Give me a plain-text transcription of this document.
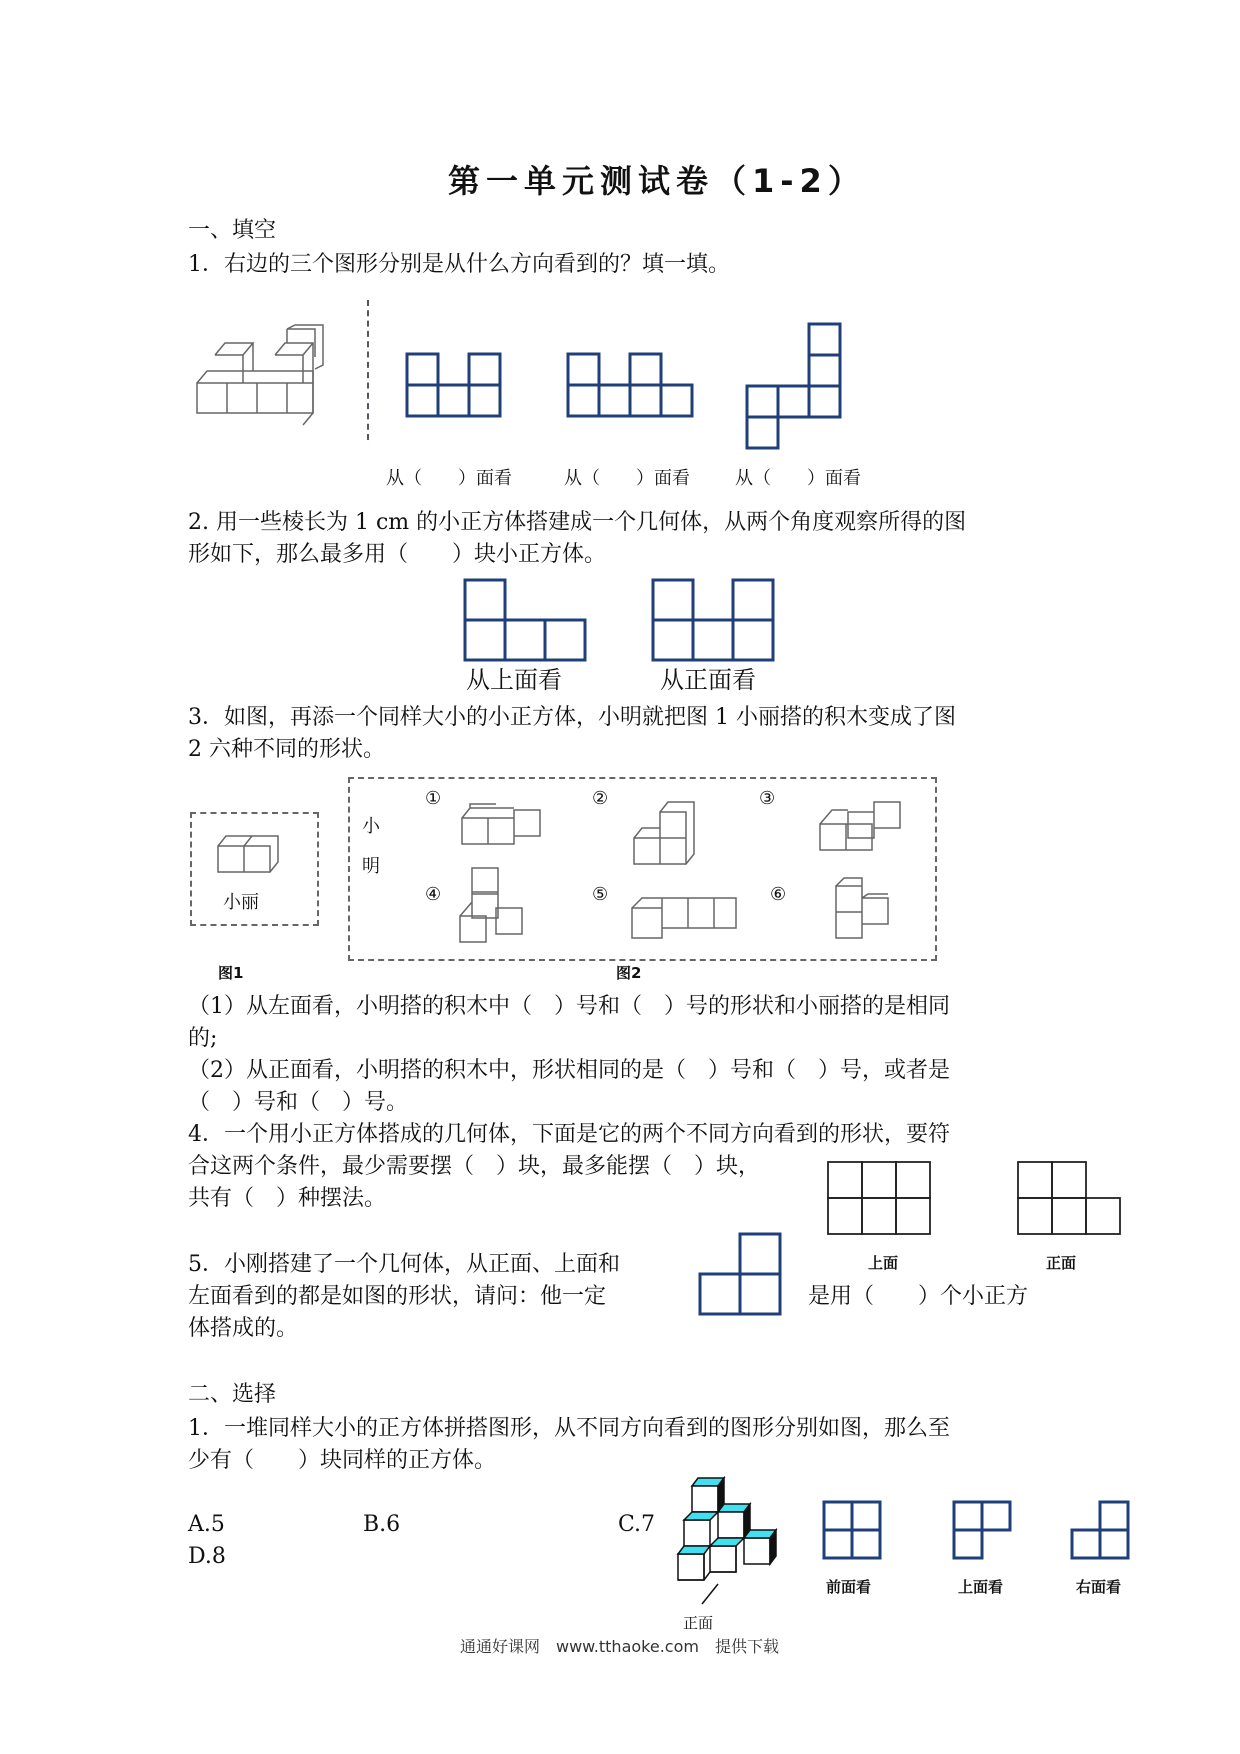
第一单元测试卷（1-2）
一、填空
1．右边的三个图形分别是从什么方向看到的？填一填。
从（　　）面看	从（　　）面看	从（　　）面看
2. 用一些棱长为 1 cm 的小正方体搭建成一个几何体，从两个角度观察所得的图
形如下，那么最多用（　　）块小正方体。
从上面看	从正面看
3．如图，再添一个同样大小的小正方体，小明就把图 1 小丽搭的积木变成了图
2 六种不同的形状。
小丽
图1
小
明
①	②	③
④	⑤	⑥
图2
（1）从左面看，小明搭的积木中（　）号和（　）号的形状和小丽搭的是相同
的;
（2）从正面看，小明搭的积木中，形状相同的是（　）号和（　）号，或者是
（　）号和（　）号。
4．一个用小正方体搭成的几何体，下面是它的两个不同方向看到的形状，要符
合这两个条件，最少需要摆（　）块，最多能摆（　）块，
共有（　）种摆法。
上面	正面
5．小刚搭建了一个几何体，从正面、上面和
左面看到的都是如图的形状，请问：他一定	是用（　　）个小正方
体搭成的。
二、选择
1．一堆同样大小的正方体拼搭图形，从不同方向看到的图形分别如图，那么至
少有（　　）块同样的正方体。
A.5	B.6	C.7
D.8
正面
前面看	上面看	右面看
通通好课网　www.tthaoke.com　提供下载
